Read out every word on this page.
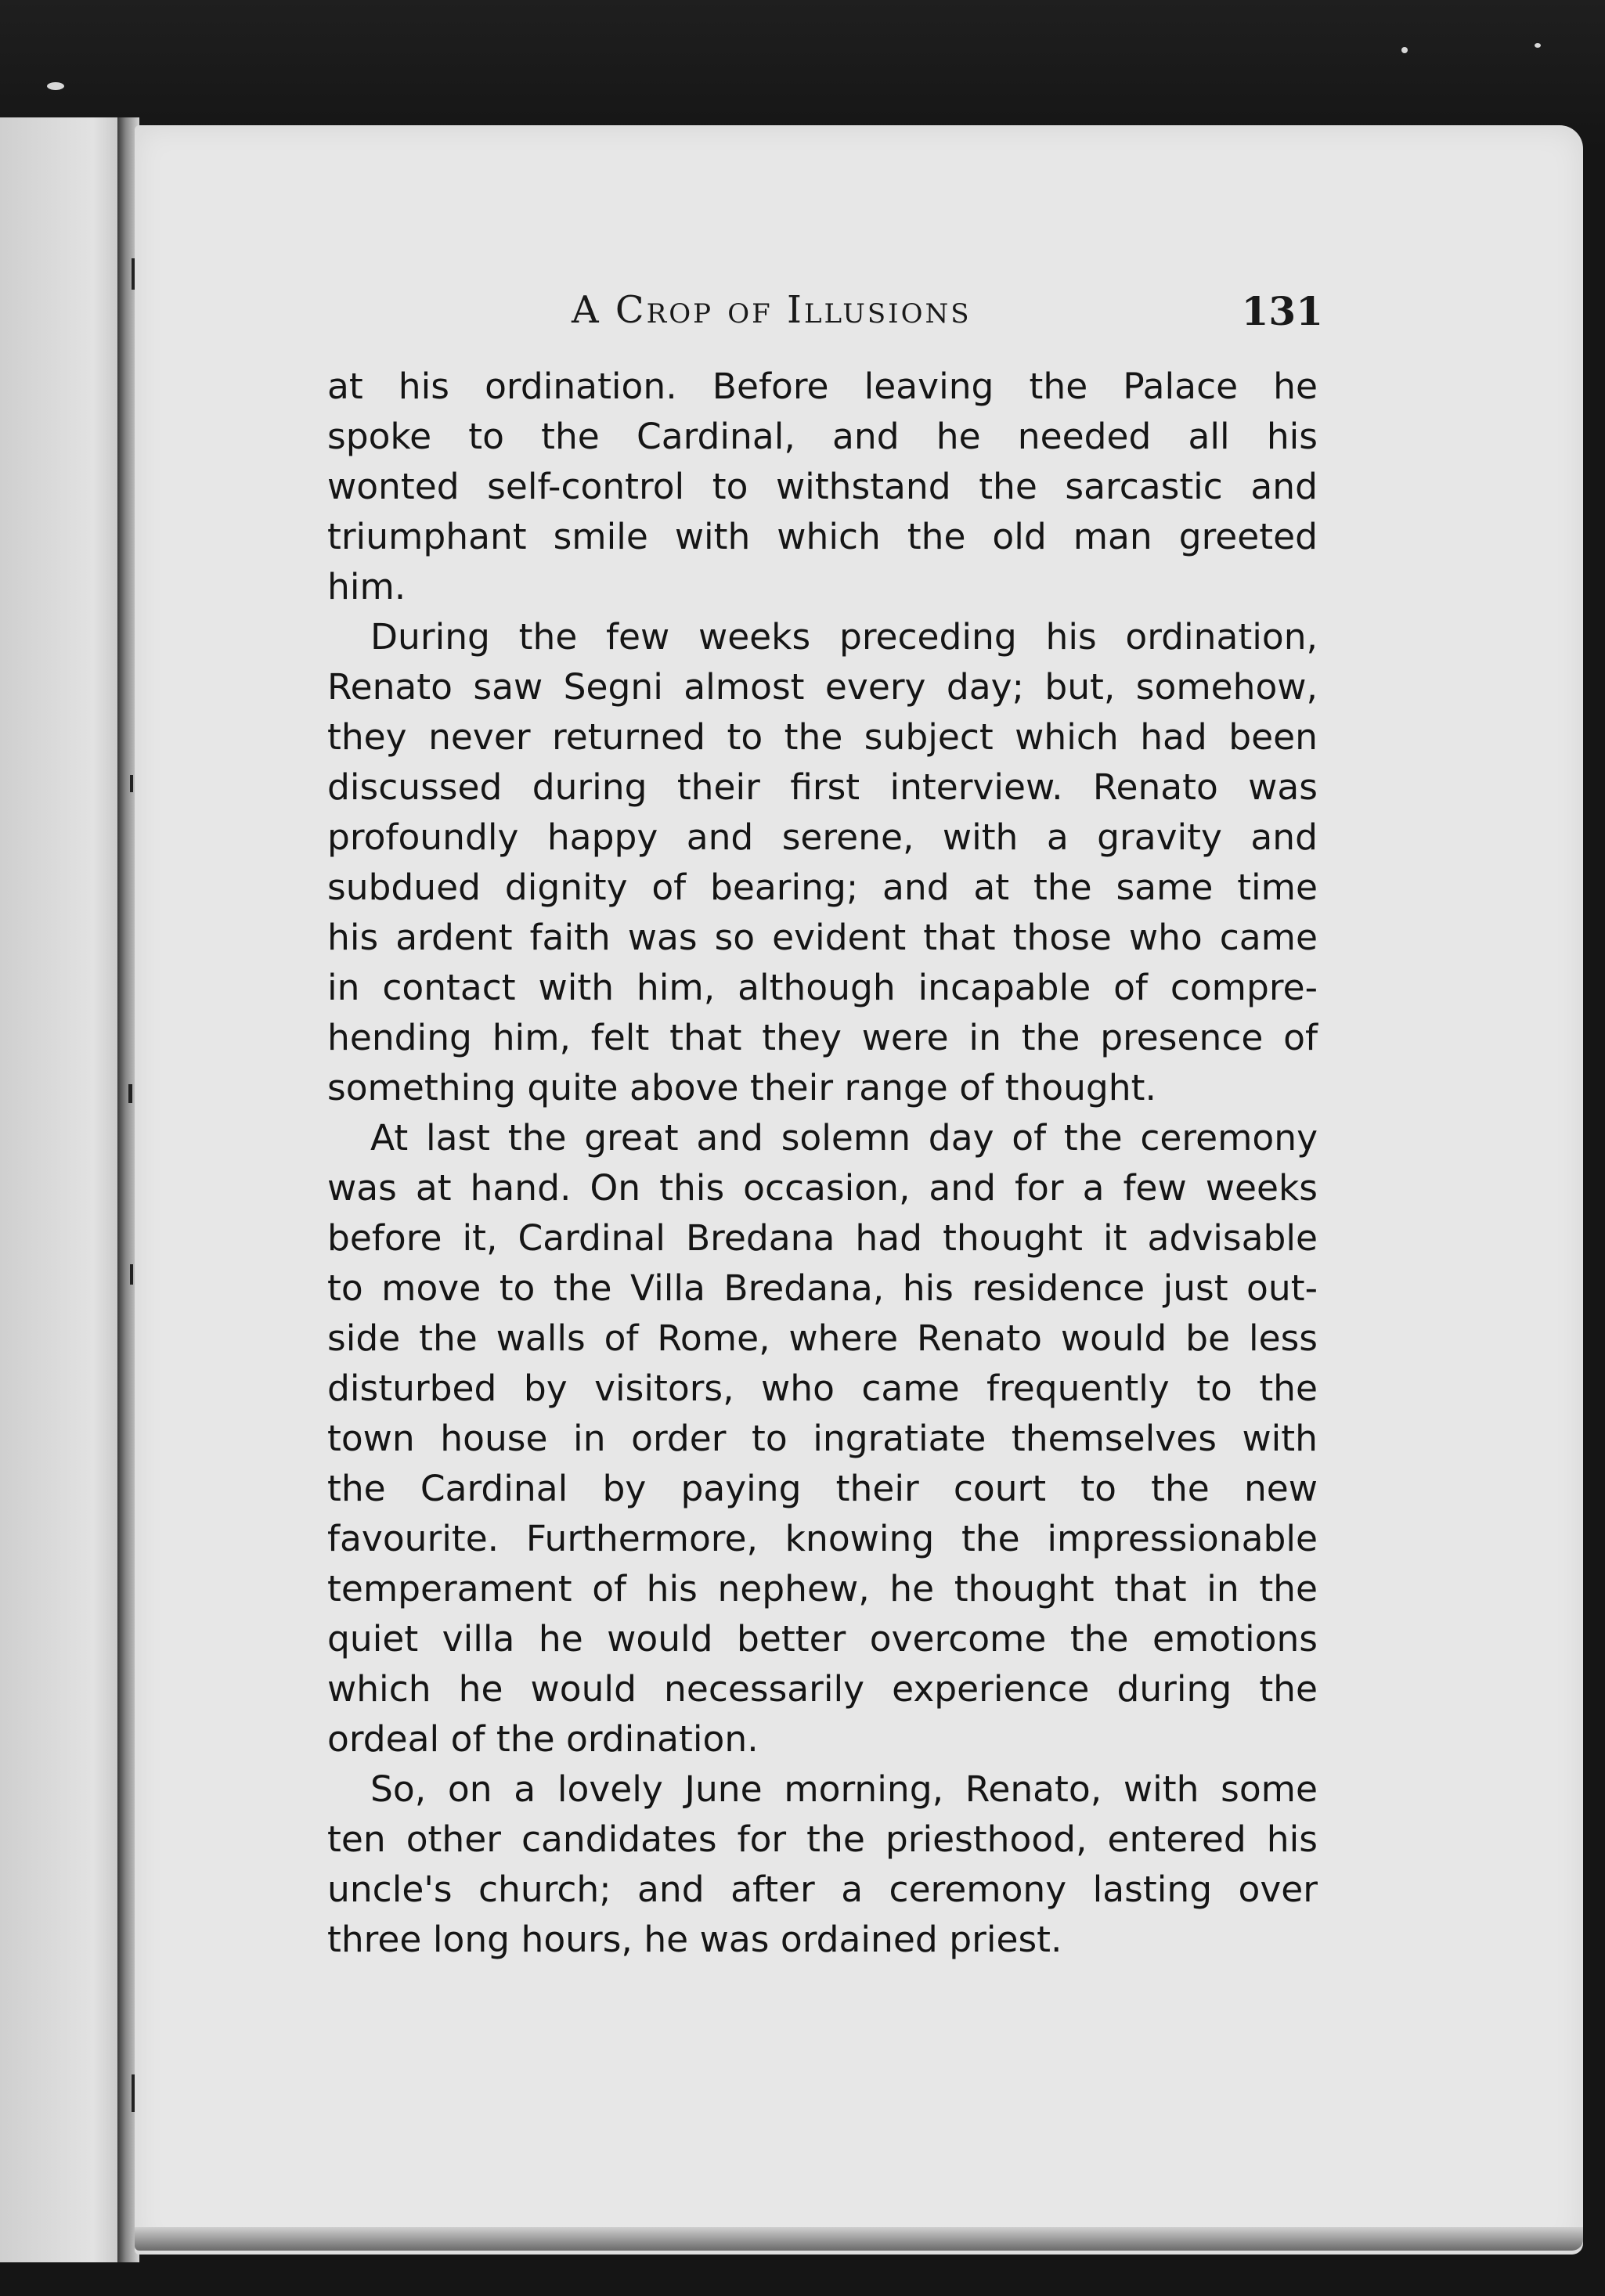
A Crop of Illusions	131
at his ordination. Before leaving the Palace he
spoke to the Cardinal, and he needed all his
wonted self-control to withstand the sarcastic and
triumphant smile with which the old man greeted
him.
During the few weeks preceding his ordination,
Renato saw Segni almost every day; but, somehow,
they never returned to the subject which had been
discussed during their first interview. Renato was
profoundly happy and serene, with a gravity and
subdued dignity of bearing; and at the same time
his ardent faith was so evident that those who came
in contact with him, although incapable of compre-
hending him, felt that they were in the presence of
something quite above their range of thought.
At last the great and solemn day of the ceremony
was at hand. On this occasion, and for a few weeks
before it, Cardinal Bredana had thought it advisable
to move to the Villa Bredana, his residence just out-
side the walls of Rome, where Renato would be less
disturbed by visitors, who came frequently to the
town house in order to ingratiate themselves with
the Cardinal by paying their court to the new
favourite. Furthermore, knowing the impressionable
temperament of his nephew, he thought that in the
quiet villa he would better overcome the emotions
which he would necessarily experience during the
ordeal of the ordination.
So, on a lovely June morning, Renato, with some
ten other candidates for the priesthood, entered his
uncle's church; and after a ceremony lasting over
three long hours, he was ordained priest.
